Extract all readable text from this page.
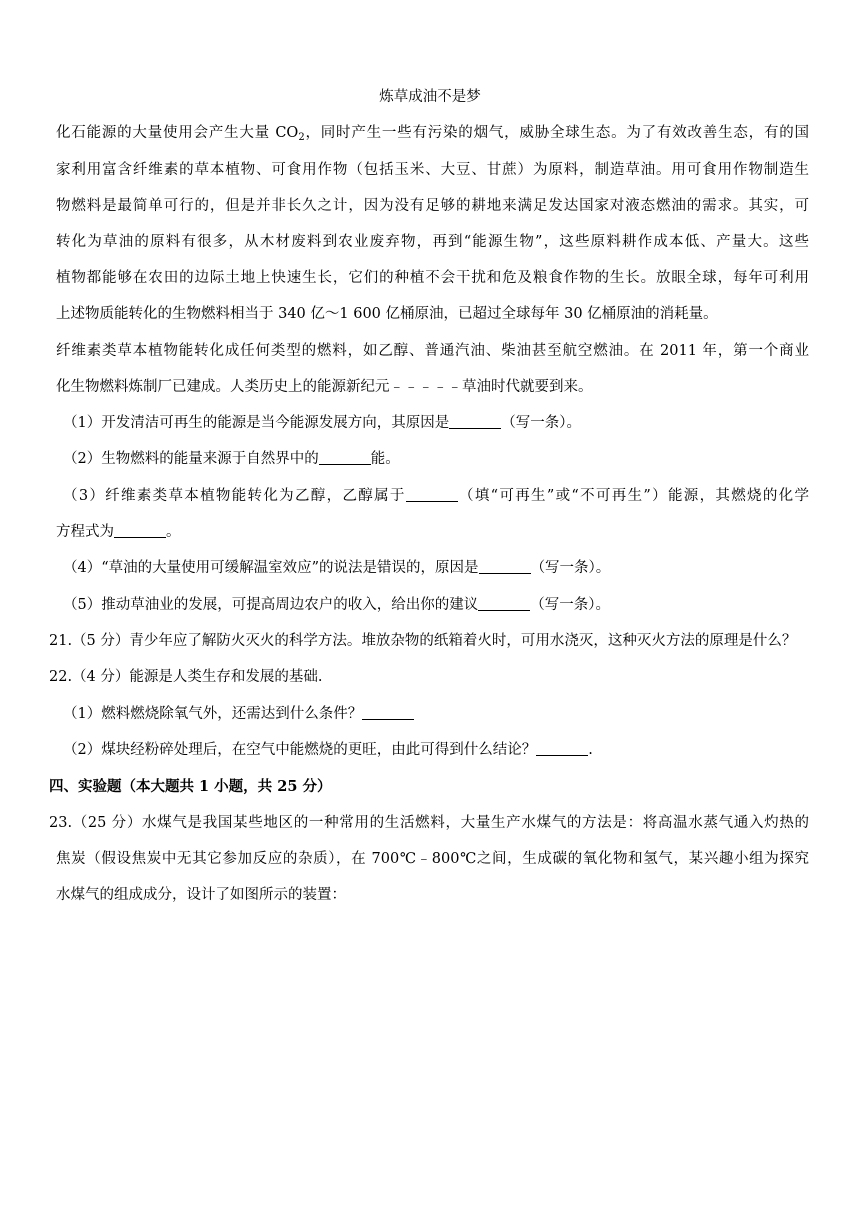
炼草成油不是梦
化石能源的大量使用会产生大量 $CO_2$，同时产生一些有污染的烟气，威胁全球生态。为了有效改善生态，有的国
家利用富含纤维素的草本植物、可食用作物（包括玉米、大豆、甘蔗）为原料，制造草油。用可食用作物制造生
物燃料是最简单可行的，但是并非长久之计，因为没有足够的耕地来满足发达国家对液态燃油的需求。其实，可
转化为草油的原料有很多，从木材废料到农业废弃物，再到“能源生物”，这些原料耕作成本低、产量大。这些
植物都能够在农田的边际土地上快速生长，它们的种植不会干扰和危及粮食作物的生长。放眼全球，每年可利用
上述物质能转化的生物燃料相当于 340 亿～1 600 亿桶原油，已超过全球每年 30 亿桶原油的消耗量。
纤维素类草本植物能转化成任何类型的燃料，如乙醇、普通汽油、柴油甚至航空燃油。在 2011 年，第一个商业
化生物燃料炼制厂已建成。人类历史上的能源新纪元﹣﹣﹣﹣﹣草油时代就要到来。
（1）开发清洁可再生的能源是当今能源发展方向，其原因是	（写一条）。
（2）生物燃料的能量来源于自然界中的	能。
（3）纤维素类草本植物能转化为乙醇，乙醇属于	（填“可再生”或“不可再生”）能源，其燃烧的化学
方程式为	。
（4）“草油的大量使用可缓解温室效应”的说法是错误的，原因是	（写一条）。
（5）推动草油业的发展，可提高周边农户的收入，给出你的建议	（写一条）。
21.（5 分）青少年应了解防火灭火的科学方法。堆放杂物的纸箱着火时，可用水浇灭，这种灭火方法的原理是什么？
22.（4 分）能源是人类生存和发展的基础.
（1）燃料燃烧除氧气外，还需达到什么条件？
（2）煤块经粉碎处理后，在空气中能燃烧的更旺，由此可得到什么结论？	.
四、实验题（本大题共 1 小题，共 25 分）
23.（25 分）水煤气是我国某些地区的一种常用的生活燃料，大量生产水煤气的方法是：将高温水蒸气通入灼热的
焦炭（假设焦炭中无其它参加反应的杂质），在 700℃﹣800℃之间，生成碳的氧化物和氢气，某兴趣小组为探究
水煤气的组成成分，设计了如图所示的装置：
